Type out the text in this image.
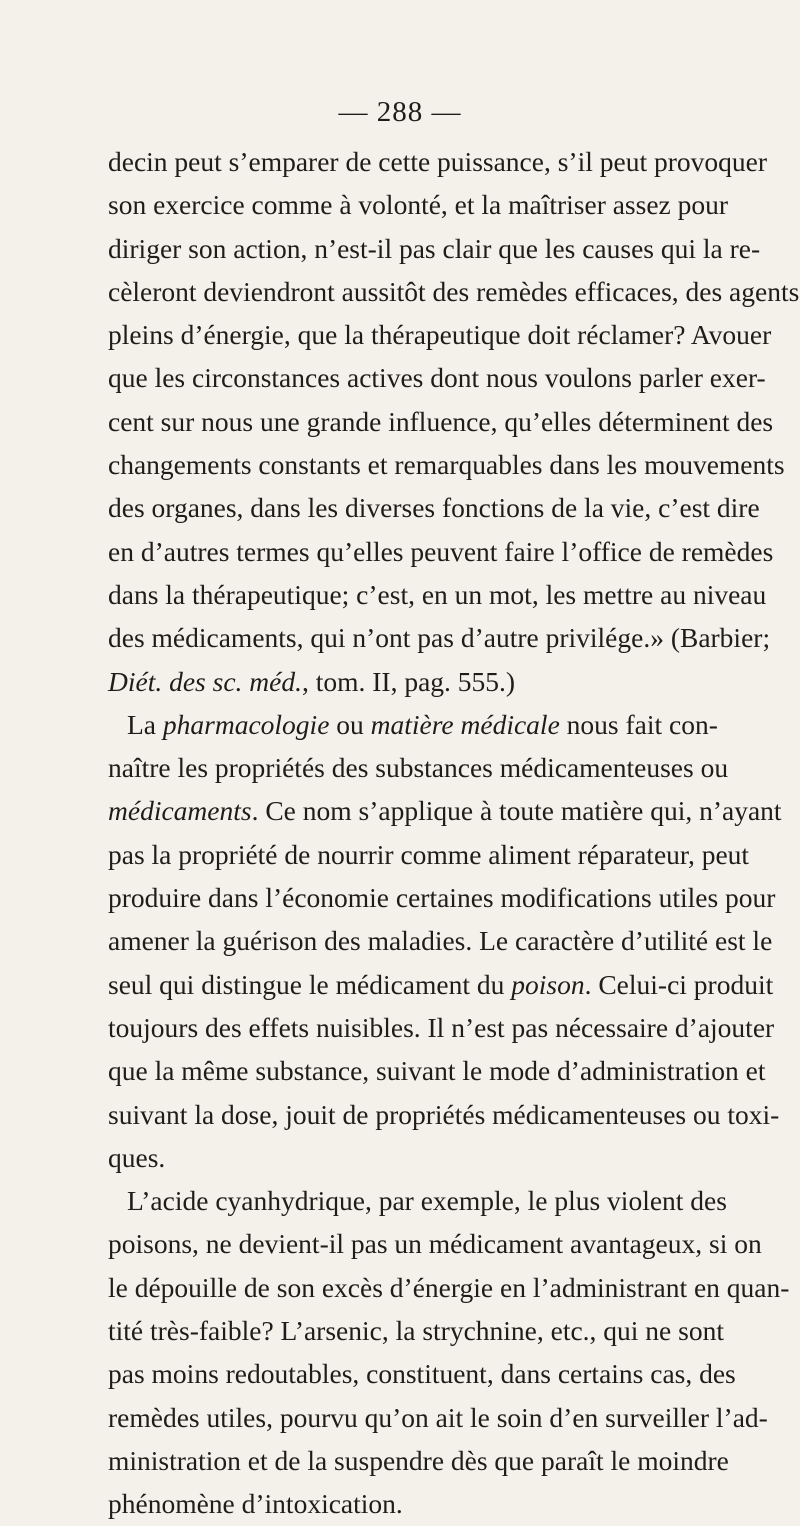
— 288 —
decin peut s’emparer de cette puissance, s’il peut provoquer
son exercice comme à volonté, et la maîtriser assez pour
diriger son action, n’est-il pas clair que les causes qui la re-
cèleront deviendront aussitôt des remèdes efficaces, des agents
pleins d’énergie, que la thérapeutique doit réclamer? Avouer
que les circonstances actives dont nous voulons parler exer-
cent sur nous une grande influence, qu’elles déterminent des
changements constants et remarquables dans les mouvements
des organes, dans les diverses fonctions de la vie, c’est dire
en d’autres termes qu’elles peuvent faire l’office de remèdes
dans la thérapeutique; c’est, en un mot, les mettre au niveau
des médicaments, qui n’ont pas d’autre privilége.» (Barbier;
Diét. des sc. méd., tom. II, pag. 555.)
La pharmacologie ou matière médicale nous fait con-
naître les propriétés des substances médicamenteuses ou
médicaments. Ce nom s’applique à toute matière qui, n’ayant
pas la propriété de nourrir comme aliment réparateur, peut
produire dans l’économie certaines modifications utiles pour
amener la guérison des maladies. Le caractère d’utilité est le
seul qui distingue le médicament du poison. Celui-ci produit
toujours des effets nuisibles. Il n’est pas nécessaire d’ajouter
que la même substance, suivant le mode d’administration et
suivant la dose, jouit de propriétés médicamenteuses ou toxi-
ques.
L’acide cyanhydrique, par exemple, le plus violent des
poisons, ne devient-il pas un médicament avantageux, si on
le dépouille de son excès d’énergie en l’administrant en quan-
tité très-faible? L’arsenic, la strychnine, etc., qui ne sont
pas moins redoutables, constituent, dans certains cas, des
remèdes utiles, pourvu qu’on ait le soin d’en surveiller l’ad-
ministration et de la suspendre dès que paraît le moindre
phénomène d’intoxication.
